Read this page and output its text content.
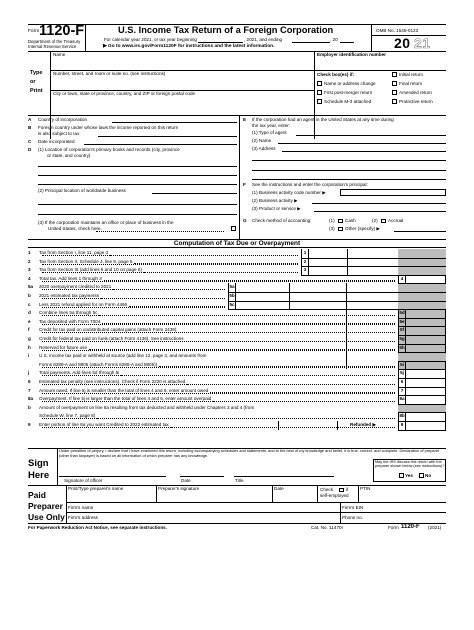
Form 1120-F
Department of the Treasury
Internal Revenue Service
U.S. Income Tax Return of a Foreign Corporation
For calendar year 2021, or tax year beginning	, 2021, and ending	, 20
▶ Go to www.irs.gov/Form1120F for instructions and the latest information.
OMB No. 1545-0123
20 21
Type
or
Print
Name
Number, street, and room or suite no. (see instructions)
City or town, state or province, country, and ZIP or foreign postal code
Employer identification number
Check box(es) if:	Initial return
Name or address change	Final return
First post-merger return	Amended return
Schedule M-3 attached	Protective return
A Country of incorporation
B Foreign country under whose laws the income reported on this return
is also subject to tax
C Date incorporated
D (1) Location of corporation's primary books and records (city, province
or state, and country)
(2) Principal location of worldwide business
(3) If the corporation maintains an office or place of business in the
United States, check here.
E If the corporation had an agent in the United States at any time during
the tax year, enter:
(1) Type of agent
(2) Name
(3) Address
F See the instructions and enter the corporation's principal:
(1) Business activity code number ▶
(2) Business activity ▶
(3) Product or service ▶
G Check method of accounting:	(1) Cash	(2) Accrual
(3) Other (specify) ▶
Computation of Tax Due or Overpayment
1 Tax from Section I, line 11, page 3	1
2 Tax from Section II, Schedule J, line 9, page 5	2
3 Tax from Section III (add lines 6 and 10 on page 6)	3
4 Total tax. Add lines 1 through 3	4
5a 2020 overpayment credited to 2021	5a
b 2021 estimated tax payments	5b
c Less 2021 refund applied for on Form 4466	5c
d Combine lines 5a through 5c	5d
e Tax deposited with Form 7004	5e
f Credit for tax paid on undistributed capital gains (attach Form 2439)	5f
g Credit for federal tax paid on fuels (attach Form 4136). See instructions	5g
h Reserved for future use	5h
i U.S. income tax paid or withheld at source (add line 12, page 3, and amounts from
Forms 8288-A and 8805 (attach Forms 8288-A and 8805))	5i
j Total payments. Add lines 5d through 5i	5j
6 Estimated tax penalty (see instructions). Check if Form 2220 is attached	6
7 Amount owed. If line 5j is smaller than the total of lines 4 and 6, enter amount owed	7
8a Overpayment. If line 5j is larger than the total of lines 4 and 6, enter amount overpaid	8a
b Amount of overpayment on line 8a resulting from tax deducted and withheld under Chapters 3 and 4 (from
Schedule W, line 7, page 8)	8b
9 Enter portion of line 8a you want Credited to 2022 estimated tax	9
Refunded ▶
Sign
Here
Under penalties of perjury, I declare that I have examined this return, including accompanying schedules and statements, and to the best of my knowledge and belief, it is true, correct, and complete. Declaration of preparer (other than taxpayer) is based on all information of which preparer has any knowledge.
Signature of officer	Date	Title
May the IRS discuss this return with the preparer shown below (see instructions)?
Yes	No
Paid
Preparer
Use Only
Print/Type preparer's name	Preparer's signature	Date	Check	if
self-employed
PTIN
Firm's name	Firm's EIN
Firm's address	Phone no.
For Paperwork Reduction Act Notice, see separate instructions.	Cat. No. 11470I	Form 1120-F (2021)
